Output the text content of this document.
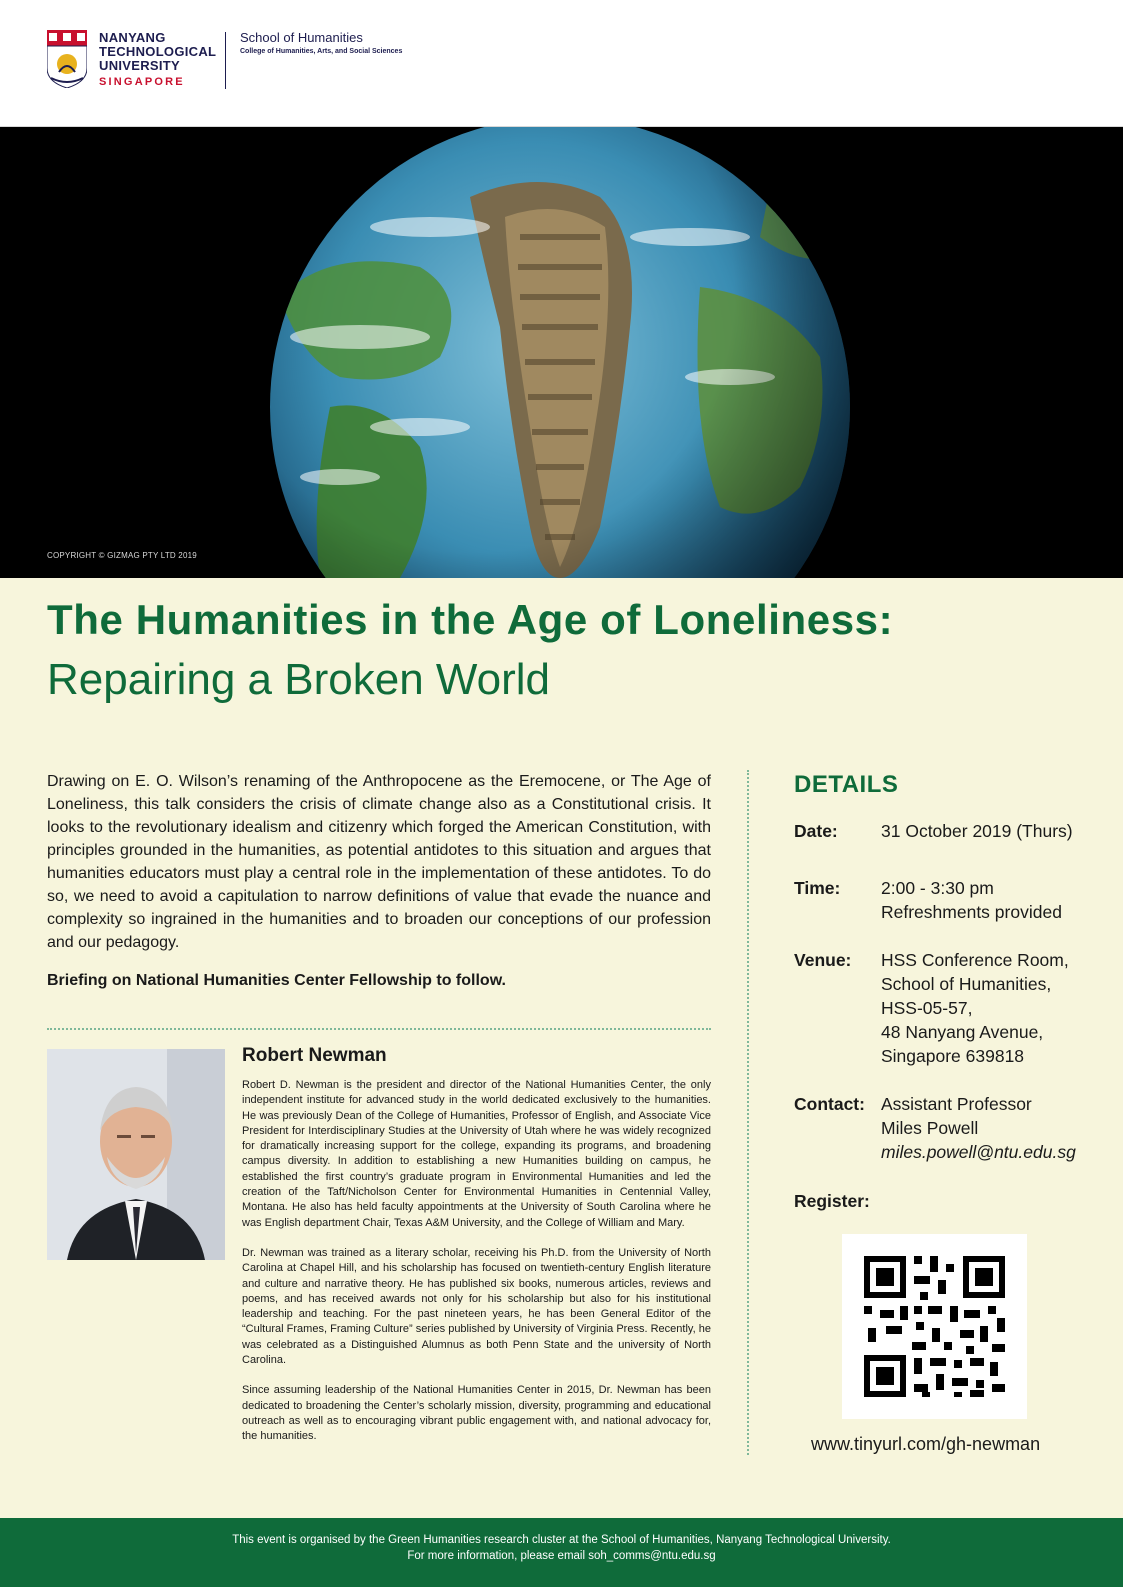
NANYANG
TECHNOLOGICAL
UNIVERSITY
SINGAPORE
School of Humanities
College of Humanities, Arts, and Social Sciences
COPYRIGHT © GIZMAG PTY LTD 2019
The Humanities in the Age of Loneliness:
Repairing a Broken World
Drawing on E. O. Wilson’s renaming of the Anthropocene as the Eremocene, or The Age of Loneliness, this talk considers the crisis of climate change also as a Constitutional crisis. It looks to the revolutionary idealism and citizenry which forged the American Constitution, with principles grounded in the humanities, as potential antidotes to this situation and argues that humanities educators must play a central role in the implementation of these antidotes. To do so, we need to avoid a capitulation to narrow definitions of value that evade the nuance and complexity so ingrained in the humanities and to broaden our conceptions of our profession and our pedagogy.
Briefing on National Humanities Center Fellowship to follow.
Robert Newman

Robert D. Newman is the president and director of the National Humanities Center, the only independent institute for advanced study in the world dedicated exclusively to the humanities. He was previously Dean of the College of Humanities, Professor of English, and Associate Vice President for Interdisciplinary Studies at the University of Utah where he was widely recognized for dramatically increasing support for the college, expanding its programs, and broadening campus diversity. In addition to establishing a new Humanities building on campus, he established the first country’s graduate program in Environmental Humanities and led the creation of the Taft/Nicholson Center for Environmental Humanities in Centennial Valley, Montana. He also has held faculty appointments at the University of South Carolina where he was English department Chair, Texas A&M University, and the College of William and Mary.

Dr. Newman was trained as a literary scholar, receiving his Ph.D. from the University of North Carolina at Chapel Hill, and his scholarship has focused on twentieth-century English literature and culture and narrative theory. He has published six books, numerous articles, reviews and poems, and has received awards not only for his scholarship but also for his institutional leadership and teaching. For the past nineteen years, he has been General Editor of the “Cultural Frames, Framing Culture” series published by University of Virginia Press. Recently, he was celebrated as a Distinguished Alumnus as both Penn State and the university of North Carolina.

Since assuming leadership of the National Humanities Center in 2015, Dr. Newman has been dedicated to broadening the Center’s scholarly mission, diversity, programming and educational outreach as well as to encouraging vibrant public engagement with, and national advocacy for, the humanities.

DETAILS
Date:	31 October 2019 (Thurs)
Time:	2:00 - 3:30 pm
Refreshments provided
Venue:	HSS Conference Room,
School of Humanities,
HSS-05-57,
48 Nanyang Avenue,
Singapore 639818
Contact: Assistant Professor
Miles Powell
miles.powell@ntu.edu.sg
Register:
www.tinyurl.com/gh-newman
This event is organised by the Green Humanities research cluster at the School of Humanities, Nanyang Technological University.
For more information, please email soh_comms@ntu.edu.sg
